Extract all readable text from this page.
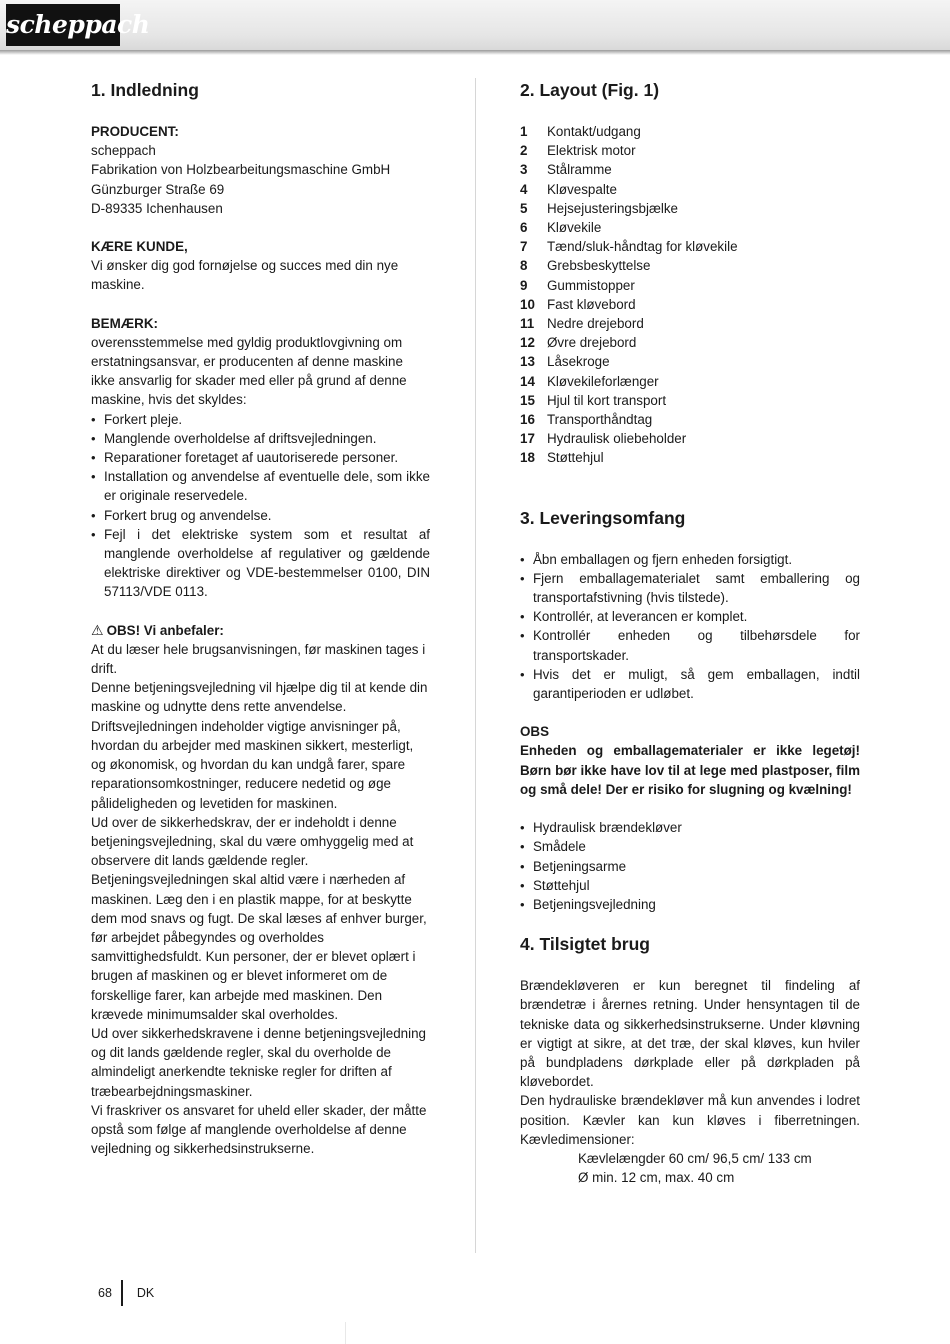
scheppach
1. Indledning
PRODUCENT:

scheppach

Fabrikation von Holzbearbeitungsmaschine GmbH

Günzburger Straße 69

D-89335 Ichenhausen

KÆRE KUNDE,

Vi ønsker dig god fornøjelse og succes med din nye maskine.

BEMÆRK:

overensstemmelse med gyldig produktlovgivning om erstatningsansvar, er producenten af denne maskine ikke ansvarlig for skader med eller på grund af denne maskine, hvis det skyldes:

• Forkert pleje.
• Manglende overholdelse af driftsvejledningen.
• Reparationer foretaget af uautoriserede personer.
• Installation og anvendelse af eventuelle dele, som ikke er originale reservedele.
• Forkert brug og anvendelse.
• Fejl i det elektriske system som et resultat af manglende overholdelse af regulativer og gældende elektriske direktiver og VDE-bestemmelser 0100, DIN 57113/VDE 0113.

⚠ OBS! Vi anbefaler:

At du læser hele brugsanvisningen, før maskinen tages i drift.

Denne betjeningsvejledning vil hjælpe dig til at kende din maskine og udnytte dens rette anvendelse.

Driftsvejledningen indeholder vigtige anvisninger på, hvordan du arbejder med maskinen sikkert, mesterligt, og økonomisk, og hvordan du kan undgå farer, spare reparationsomkostninger, reducere nedetid og øge pålideligheden og levetiden for maskinen.

Ud over de sikkerhedskrav, der er indeholdt i denne betjeningsvejledning, skal du være omhyggelig med at observere dit lands gældende regler.

Betjeningsvejledningen skal altid være i nærheden af maskinen. Læg den i en plastik mappe, for at beskytte dem mod snavs og fugt. De skal læses af enhver burger, før arbejdet påbegyndes og overholdes samvittighedsfuldt. Kun personer, der er blevet oplært i brugen af maskinen og er blevet informeret om de forskellige farer, kan arbejde med maskinen. Den krævede minimumsalder skal overholdes.

Ud over sikkerhedskravene i denne betjeningsvejledning og dit lands gældende regler, skal du overholde de almindeligt anerkendte tekniske regler for driften af træbearbejdningsmaskiner.

Vi fraskriver os ansvaret for uheld eller skader, der måtte opstå som følge af manglende overholdelse af denne vejledning og sikkerhedsinstrukserne.

2. Layout (Fig. 1)
1	Kontakt/udgang
2	Elektrisk motor
3	Stålramme
4	Kløvespalte
5	Hejsejusteringsbjælke
6	Kløvekile
7	Tænd/sluk-håndtag for kløvekile
8	Grebsbeskyttelse
9	Gummistopper
10 Fast kløvebord
11 Nedre drejebord
12 Øvre drejebord
13 Låsekroge
14 Kløvekileforlænger
15 Hjul til kort transport
16 Transporthåndtag
17 Hydraulisk oliebeholder
18 Støttehjul
3. Leveringsomfang
• Åbn emballagen og fjern enheden forsigtigt.
• Fjern emballagematerialet samt emballering og transportafstivning (hvis tilstede).
• Kontrollér, at leverancen er komplet.
• Kontrollér enheden og tilbehørsdele for transportskader.
• Hvis det er muligt, så gem emballagen, indtil garantiperioden er udløbet.

OBS

Enheden og emballagematerialer er ikke legetøj! Børn bør ikke have lov til at lege med plastposer, film og små dele! Der er risiko for slugning og kvælning!

• Hydraulisk brændekløver
• Smådele
• Betjeningsarme
• Støttehjul
• Betjeningsvejledning
4. Tilsigtet brug

Brændekløveren er kun beregnet til findeling af brændetræ i årernes retning. Under hensyntagen til de tekniske data og sikkerhedsinstrukserne. Under kløvning er vigtigt at sikre, at det træ, der skal kløves, kun hviler på bundpladens dørkplade eller på dørkpladen på kløvebordet.

Den hydrauliske brændekløver må kun anvendes i lodret position. Kævler kan kun kløves i fiberretningen. Kævledimensioner:

Kævlelængder 60 cm/ 96,5 cm/ 133 cm

Ø min. 12 cm, max. 40 cm

68	DK
